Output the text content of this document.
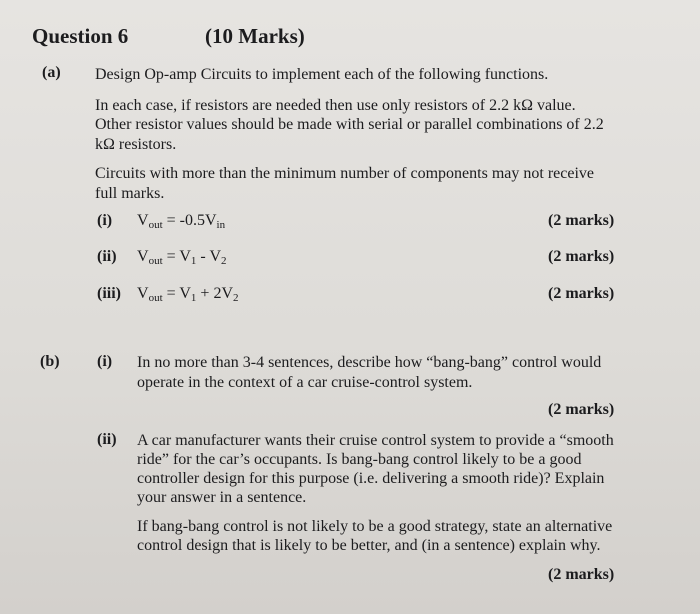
Question 6	(10 Marks)
(a) Design Op-amp Circuits to implement each of the following functions.
In each case, if resistors are needed then use only resistors of 2.2 kΩ value.
Other resistor values should be made with serial or parallel combinations of 2.2
kΩ resistors.
Circuits with more than the minimum number of components may not receive
full marks.
(i) $V_{out} = -0.5V_{in}$	(2 marks)
(ii) $V_{out} = V_1 - V_2$	(2 marks)
(iii) $V_{out} = V_1 + 2V_2$	(2 marks)
(b) (i) In no more than 3-4 sentences, describe how “bang-bang” control would
operate in the context of a car cruise-control system.
(2 marks)
(ii) A car manufacturer wants their cruise control system to provide a “smooth
ride” for the car’s occupants. Is bang-bang control likely to be a good
controller design for this purpose (i.e. delivering a smooth ride)? Explain
your answer in a sentence.
If bang-bang control is not likely to be a good strategy, state an alternative
control design that is likely to be better, and (in a sentence) explain why.
(2 marks)
